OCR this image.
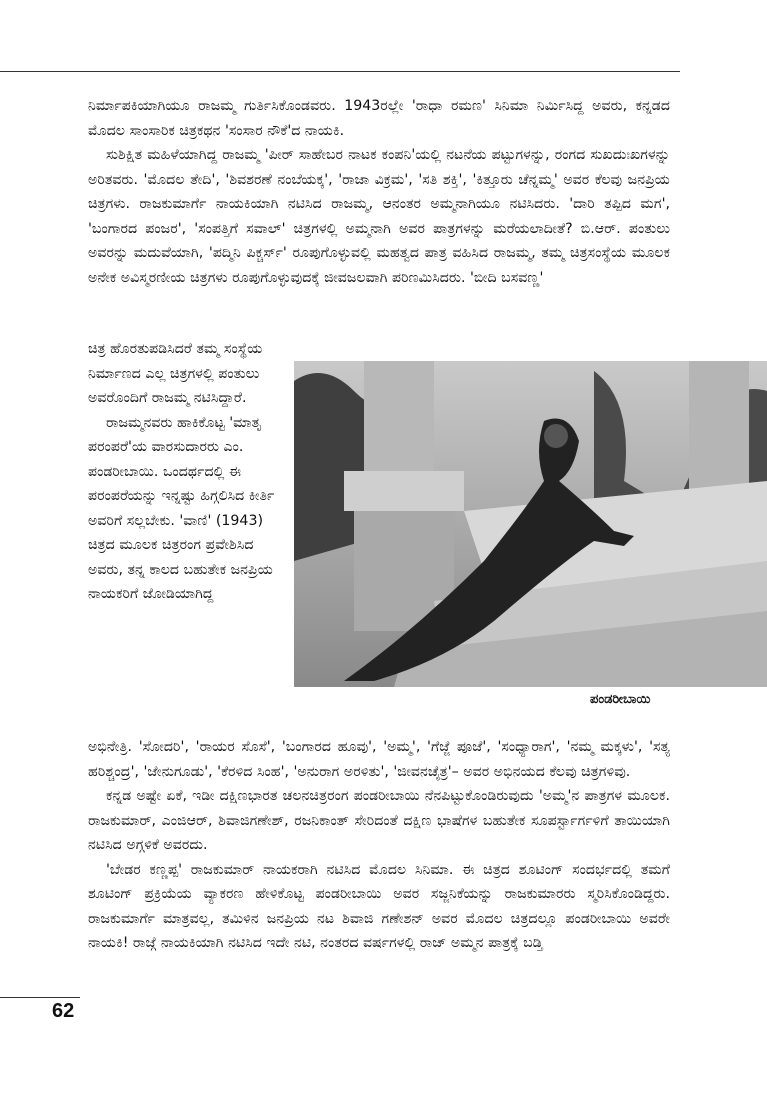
ನಿರ್ಮಾಪಕಿಯಾಗಿಯೂ ರಾಜಮ್ಮ ಗುರ್ತಿಸಿಕೊಂಡವರು. 1943ರಲ್ಲೇ 'ರಾಧಾ ರಮಣ' ಸಿನಿಮಾ ನಿರ್ಮಿಸಿದ್ದ ಅವರು, ಕನ್ನಡದ ಮೊದಲ ಸಾಂಸಾರಿಕ ಚಿತ್ರಕಥನ 'ಸಂಸಾರ ನೌಕೆ'ದ ನಾಯಕಿ.

ಸುಶಿಕ್ಷಿತ ಮಹಿಳೆಯಾಗಿದ್ದ ರಾಜಮ್ಮ 'ಪೀರ್ ಸಾಹೇಬರ ನಾಟಕ ಕಂಪನಿ'ಯಲ್ಲಿ ನಟನೆಯ ಪಟ್ಟುಗಳನ್ನು, ರಂಗದ ಸುಖದುಃಖಗಳನ್ನು ಅರಿತವರು. 'ಮೊದಲ ತೇದಿ', 'ಶಿವಶರಣೆ ನಂಬೆಯಕ್ಕ', 'ರಾಜಾ ವಿಕ್ರಮ', 'ಸತಿ ಶಕ್ತಿ', 'ಕಿತ್ತೂರು ಚೆನ್ನಮ್ಮ' ಅವರ ಕೆಲವು ಜನಪ್ರಿಯ ಚಿತ್ರಗಳು. ರಾಜಕುಮಾರ್ಗೆ ನಾಯಕಿಯಾಗಿ ನಟಿಸಿದ ರಾಜಮ್ಮ, ಆನಂತರ ಅಮ್ಮನಾಗಿಯೂ ನಟಿಸಿದರು. 'ದಾರಿ ತಪ್ಪಿದ ಮಗ', 'ಬಂಗಾರದ ಪಂಜರ', 'ಸಂಪತ್ತಿಗೆ ಸವಾಲ್' ಚಿತ್ರಗಳಲ್ಲಿ ಅಮ್ಮನಾಗಿ ಅವರ ಪಾತ್ರಗಳನ್ನು ಮರೆಯಲಾದೀತೆ? ಬಿ.ಆರ್. ಪಂತುಲು ಅವರನ್ನು ಮದುವೆಯಾಗಿ, 'ಪದ್ಮಿನಿ ಪಿಕ್ಚರ್ಸ್' ರೂಪುಗೊಳ್ಳುವಲ್ಲಿ ಮಹತ್ವದ ಪಾತ್ರ ವಹಿಸಿದ ರಾಜಮ್ಮ, ತಮ್ಮ ಚಿತ್ರಸಂಸ್ಥೆಯ ಮೂಲಕ ಅನೇಕ ಅವಿಸ್ಮರಣೀಯ ಚಿತ್ರಗಳು ರೂಪುಗೊಳ್ಳುವುದಕ್ಕೆ ಜೀವಜಲವಾಗಿ ಪರಿಣಮಿಸಿದರು. 'ಬೀದಿ ಬಸವಣ್ಣ'

ಚಿತ್ರ ಹೊರತುಪಡಿಸಿದರೆ ತಮ್ಮ ಸಂಸ್ಥೆಯ ನಿರ್ಮಾಣದ ಎಲ್ಲ ಚಿತ್ರಗಳಲ್ಲಿ ಪಂತುಲು ಅವರೊಂದಿಗೆ ರಾಜಮ್ಮ ನಟಿಸಿದ್ದಾರೆ.

ರಾಜಮ್ಮನವರು ಹಾಕಿಕೊಟ್ಟ 'ಮಾತೃ ಪರಂಪರೆ'ಯ ವಾರಸುದಾರರು ಎಂ. ಪಂಡರೀಬಾಯಿ. ಒಂದರ್ಥದಲ್ಲಿ ಈ ಪರಂಪರೆಯನ್ನು ಇನ್ನಷ್ಟು ಹಿಗ್ಗಲಿಸಿದ ಕೀರ್ತಿ ಅವರಿಗೆ ಸಲ್ಲಬೇಕು. 'ವಾಣಿ' (1943) ಚಿತ್ರದ ಮೂಲಕ ಚಿತ್ರರಂಗ ಪ್ರವೇಶಿಸಿದ ಅವರು, ತನ್ನ ಕಾಲದ ಬಹುತೇಕ ಜನಪ್ರಿಯ ನಾಯಕರಿಗೆ ಜೋಡಿಯಾಗಿದ್ದ

ಪಂಡರೀಬಾಯಿ

ಅಭಿನೇತ್ರಿ. 'ಸೋದರಿ', 'ರಾಯರ ಸೊಸೆ', 'ಬಂಗಾರದ ಹೂವು', 'ಅಮ್ಮ', 'ಗೆಜ್ಜೆ ಪೂಜೆ', 'ಸಂಧ್ಯಾರಾಗ', 'ನಮ್ಮ ಮಕ್ಕಳು', 'ಸತ್ಯ ಹರಿಶ್ಚಂದ್ರ', 'ಜೇನುಗೂಡು', 'ಕೆರಳಿದ ಸಿಂಹ', 'ಅನುರಾಗ ಅರಳಿತು', 'ಜೀವನಚೈತ್ರ'– ಅವರ ಅಭಿನಯದ ಕೆಲವು ಚಿತ್ರಗಳಿವು.

ಕನ್ನಡ ಅಷ್ಟೇ ಏಕೆ, ಇಡೀ ದಕ್ಷಿಣಭಾರತ ಚಲನಚಿತ್ರರಂಗ ಪಂಡರೀಬಾಯಿ ನೆನಪಿಟ್ಟುಕೊಂಡಿರುವುದು 'ಅಮ್ಮ'ನ ಪಾತ್ರಗಳ ಮೂಲಕ. ರಾಜಕುಮಾರ್, ಎಂಜಿಆರ್, ಶಿವಾಜಿಗಣೇಶ್, ರಜನಿಕಾಂತ್ ಸೇರಿದಂತೆ ದಕ್ಷಿಣ ಭಾಷೆಗಳ ಬಹುತೇಕ ಸೂಪರ್ಸ್ಟಾರ್ಗಳಿಗೆ ತಾಯಿಯಾಗಿ ನಟಿಸಿದ ಅಗ್ಗಳಿಕೆ ಅವರದು.

'ಬೇಡರ ಕಣ್ಣಪ್ಪ' ರಾಜಕುಮಾರ್ ನಾಯಕರಾಗಿ ನಟಿಸಿದ ಮೊದಲ ಸಿನಿಮಾ. ಈ ಚಿತ್ರದ ಶೂಟಿಂಗ್ ಸಂದರ್ಭದಲ್ಲಿ ತಮಗೆ ಶೂಟಿಂಗ್ ಪ್ರಕ್ರಿಯೆಯ ವ್ಯಾಕರಣ ಹೇಳಿಕೊಟ್ಟ ಪಂಡರೀಬಾಯಿ ಅವರ ಸಜ್ಜನಿಕೆಯನ್ನು ರಾಜಕುಮಾರರು ಸ್ಮರಿಸಿಕೊಂಡಿದ್ದರು. ರಾಜಕುಮಾರ್ಗೆ ಮಾತ್ರವಲ್ಲ, ತಮಿಳಿನ ಜನಪ್ರಿಯ ನಟ ಶಿವಾಜಿ ಗಣೇಶನ್ ಅವರ ಮೊದಲ ಚಿತ್ರದಲ್ಲೂ ಪಂಡರೀಬಾಯಿ ಅವರೇ ನಾಯಕಿ! ರಾಜ್ಗೆ ನಾಯಕಿಯಾಗಿ ನಟಿಸಿದ ಇದೇ ನಟಿ, ನಂತರದ ವರ್ಷಗಳಲ್ಲಿ ರಾಜ್ ಅಮ್ಮನ ಪಾತ್ರಕ್ಕೆ ಬಡ್ತಿ

62
